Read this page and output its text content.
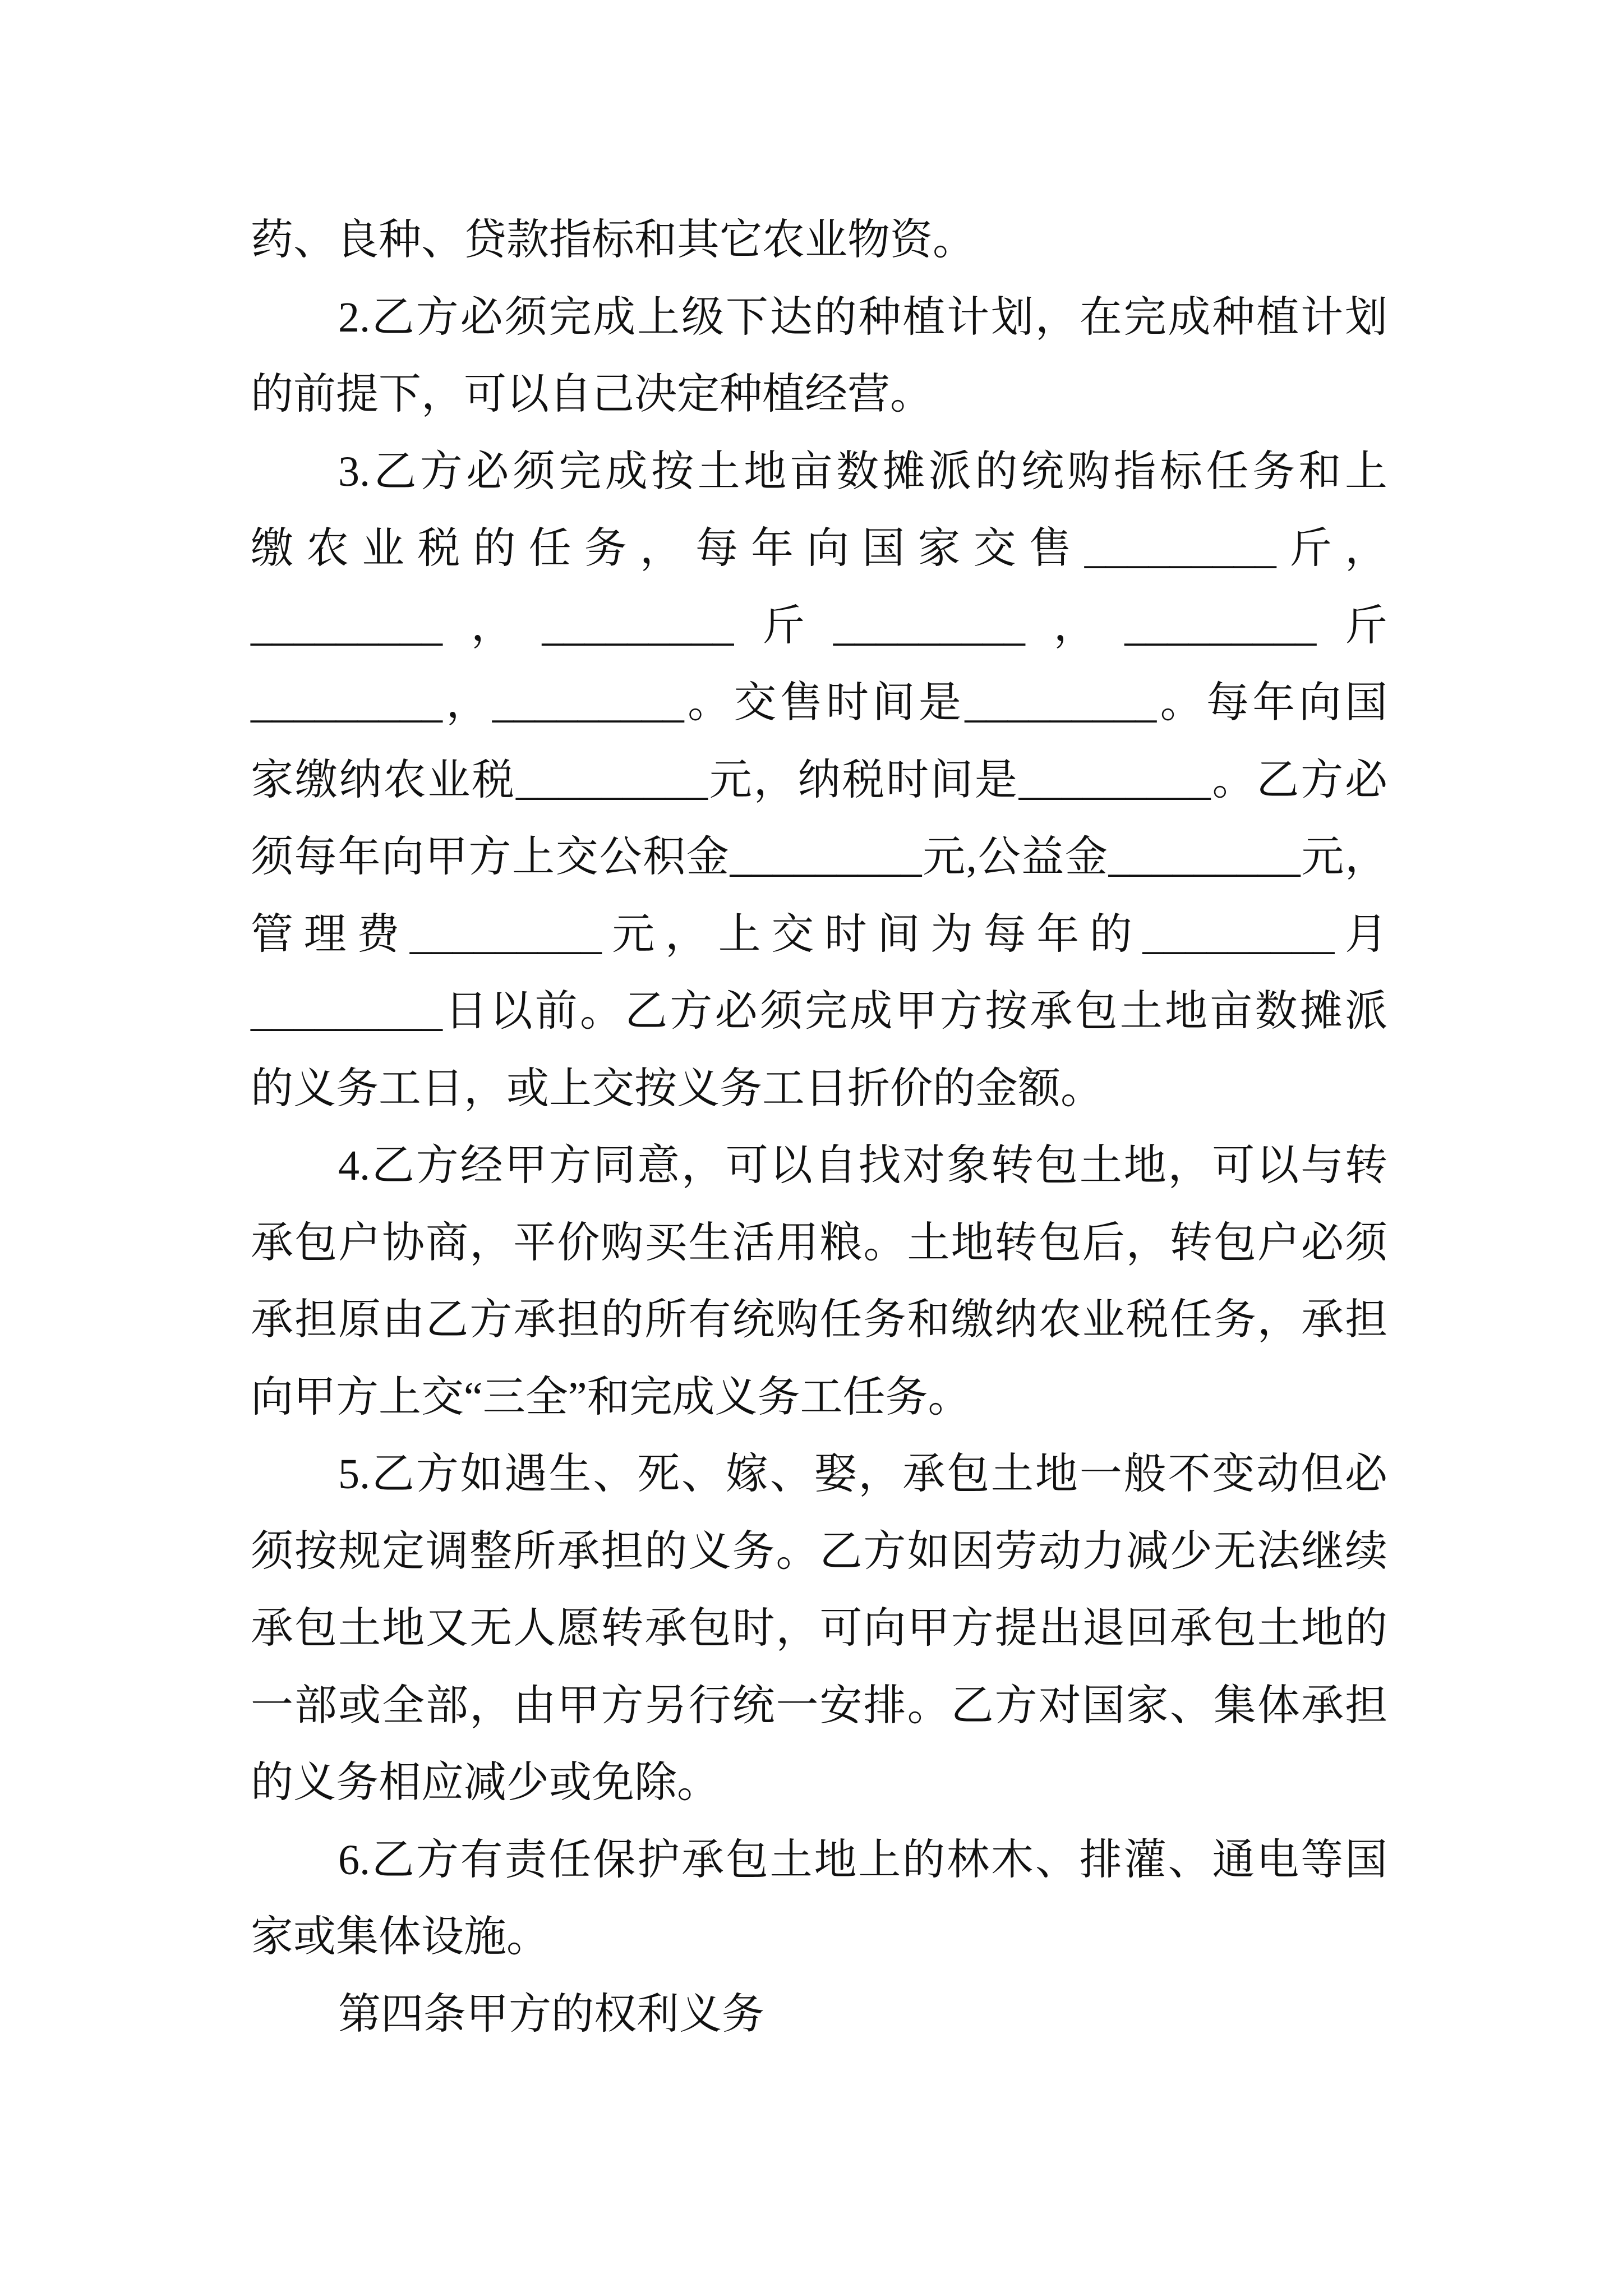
药、良种、贷款指标和其它农业物资。
2.乙方必须完成上级下达的种植计划，在完成种植计划
的前提下，可以自己决定种植经营。
3.乙方必须完成按土地亩数摊派的统购指标任务和上
缴农业税的任务，每年向国家交售_________斤，
_________，_________斤_________，_________斤
_________，_________。交售时间是_________。每年向国
家缴纳农业税_________元，纳税时间是_________。乙方必
须每年向甲方上交公积金_________元,公益金_________元，
管理费_________元，上交时间为每年的_________月
_________日以前。乙方必须完成甲方按承包土地亩数摊派
的义务工日，或上交按义务工日折价的金额。
4.乙方经甲方同意，可以自找对象转包土地，可以与转
承包户协商，平价购买生活用粮。土地转包后，转包户必须
承担原由乙方承担的所有统购任务和缴纳农业税任务，承担
向甲方上交“三全”和完成义务工任务。
5.乙方如遇生、死、嫁、娶，承包土地一般不变动但必
须按规定调整所承担的义务。乙方如因劳动力减少无法继续
承包土地又无人愿转承包时，可向甲方提出退回承包土地的
一部或全部，由甲方另行统一安排。乙方对国家、集体承担
的义务相应减少或免除。
6.乙方有责任保护承包土地上的林木、排灌、通电等国
家或集体设施。
第四条甲方的权利义务
